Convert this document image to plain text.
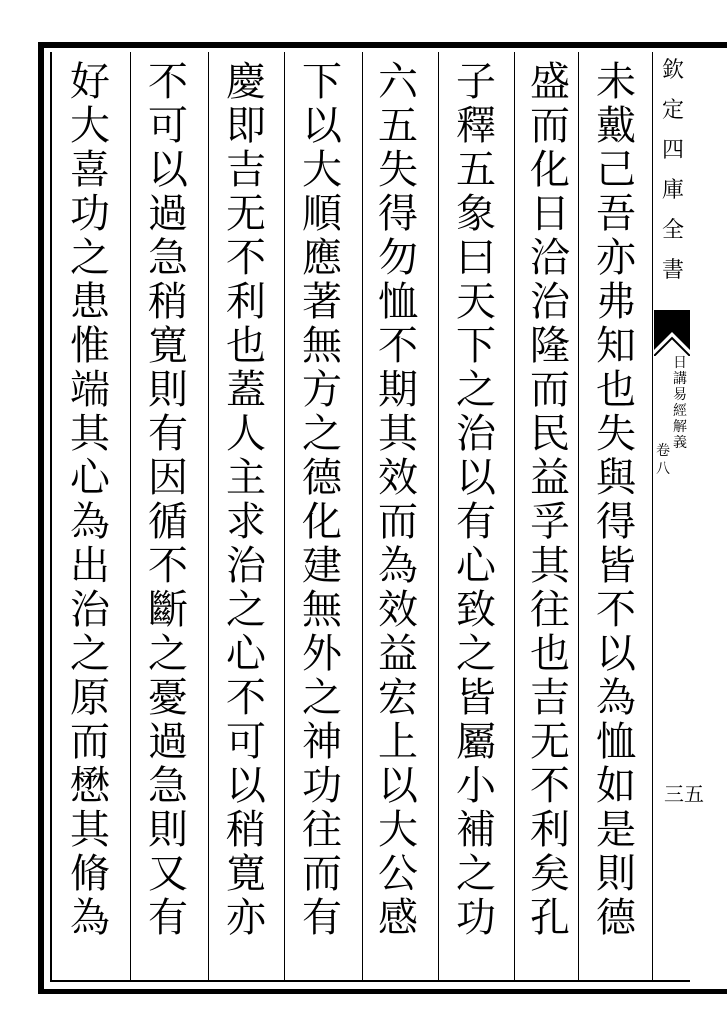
未
戴
己
吾
亦
弗
知
也
失
與
得
皆
不
以
為
恤
如
是
則
德
盛
而
化
日
洽
治
隆
而
民
益
孚
其
往
也
吉
无
不
利
矣
孔
子
釋
五
象
曰
天
下
之
治
以
有
心
致
之
皆
屬
小
補
之
功
六
五
失
得
勿
恤
不
期
其
效
而
為
效
益
宏
上
以
大
公
感
下
以
大
順
應
著
無
方
之
德
化
建
無
外
之
神
功
往
而
有
慶
即
吉
无
不
利
也
蓋
人
主
求
治
之
心
不
可
以
稍
寛
亦
不
可
以
過
急
稍
寛
則
有
因
循
不
斷
之
憂
過
急
則
又
有
好
大
喜
功
之
患
惟
端
其
心
為
出
治
之
原
而
懋
其
脩
為
欽
定
四
庫
全
書
日
講
易
經
解
義
卷
八
三五
